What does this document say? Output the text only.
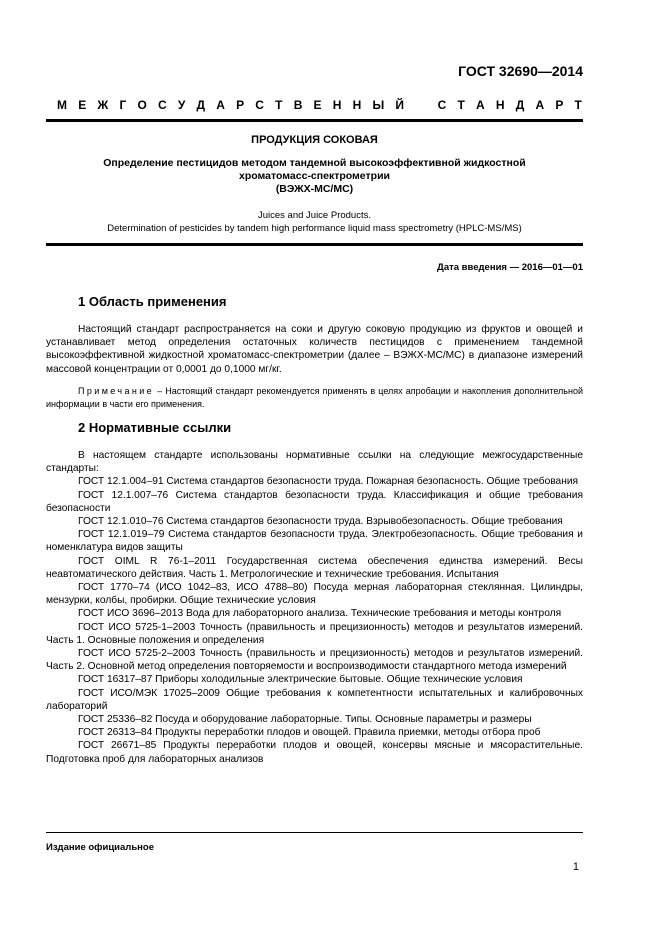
ГОСТ 32690—2014
М Е Ж Г О С У Д А Р С Т В Е Н Н Ы Й	С Т А Н Д А Р Т
ПРОДУКЦИЯ СОКОВАЯ
Определение пестицидов методом тандемной высокоэффективной жидкостной
хроматомасс-спектрометрии
(ВЭЖХ-МС/МС)
Juices and Juice Products.
Determination of pesticides by tandem high performance liquid mass spectrometry (HPLC-MS/MS)
Дата введения — 2016—01—01
1 Область применения

Настоящий стандарт распространяется на соки и другую соковую продукцию из фруктов и овощей и устанавливает метод определения остаточных количеств пестицидов с применением тандемной высокоэффективной жидкостной хроматомасс-спектрометрии (далее – ВЭЖХ-МС/МС) в диапазоне измерений массовой концентрации от 0,0001 до 0,1000 мг/кг.

Примечание – Настоящий стандарт рекомендуется применять в целях апробации и накопления дополнительной информации в части его применения.

2 Нормативные ссылки

В настоящем стандарте использованы нормативные ссылки на следующие межгосударственные стандарты:

ГОСТ 12.1.004–91 Система стандартов безопасности труда. Пожарная безопасность. Общие требования

ГОСТ 12.1.007–76 Система стандартов безопасности труда. Классификация и общие требования безопасности

ГОСТ 12.1.010–76 Система стандартов безопасности труда. Взрывобезопасность. Общие требования

ГОСТ 12.1.019–79 Система стандартов безопасности труда. Электробезопасность. Общие требования и номенклатура видов защиты

ГОСТ OIML R 76-1–2011 Государственная система обеспечения единства измерений. Весы неавтоматического действия. Часть 1. Метрологические и технические требования. Испытания

ГОСТ 1770–74 (ИСО 1042–83, ИСО 4788–80) Посуда мерная лабораторная стеклянная. Цилиндры, мензурки, колбы, пробирки. Общие технические условия

ГОСТ ИСО 3696–2013 Вода для лабораторного анализа. Технические требования и методы контроля

ГОСТ ИСО 5725-1–2003 Точность (правильность и прецизионность) методов и результатов измерений. Часть 1. Основные положения и определения

ГОСТ ИСО 5725-2–2003 Точность (правильность и прецизионность) методов и результатов измерений. Часть 2. Основной метод определения повторяемости и воспроизводимости стандартного метода измерений

ГОСТ 16317–87 Приборы холодильные электрические бытовые. Общие технические условия

ГОСТ ИСО/МЭК 17025–2009 Общие требования к компетентности испытательных и калибровочных лабораторий

ГОСТ 25336–82 Посуда и оборудование лабораторные. Типы. Основные параметры и размеры

ГОСТ 26313–84 Продукты переработки плодов и овощей. Правила приемки, методы отбора проб

ГОСТ 26671–85 Продукты переработки плодов и овощей, консервы мясные и мясорастительные. Подготовка проб для лабораторных анализов

Издание официальное
1
